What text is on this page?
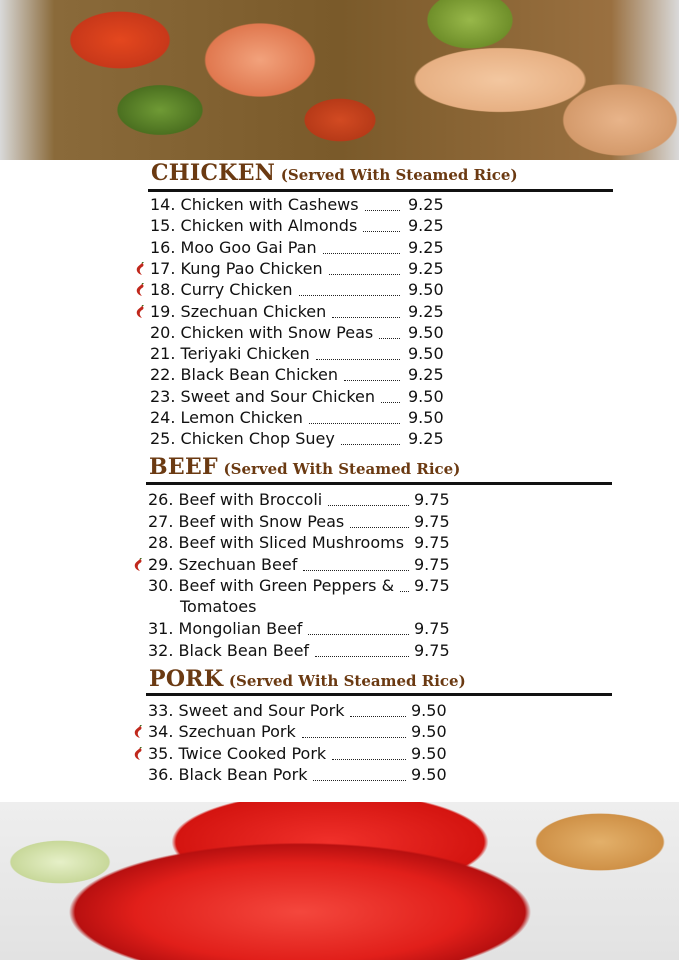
CHICKEN (Served With Steamed Rice)
14. Chicken with Cashews	9.25
15. Chicken with Almonds	9.25
16. Moo Goo Gai Pan	9.25
17. Kung Pao Chicken	9.25
18. Curry Chicken	9.50
19. Szechuan Chicken	9.25
20. Chicken with Snow Peas 9.50
21. Teriyaki Chicken	9.50
22. Black Bean Chicken	9.25
23. Sweet and Sour Chicken 9.50
24. Lemon Chicken	9.50
25. Chicken Chop Suey	9.25
BEEF (Served With Steamed Rice)
26. Beef with Broccoli	9.75
27. Beef with Snow Peas	9.75
28. Beef with Sliced Mushrooms 9.75
29. Szechuan Beef	9.75
30. Beef with Green Peppers & 9.75
Tomatoes
31. Mongolian Beef	9.75
32. Black Bean Beef	9.75
PORK (Served With Steamed Rice)
33. Sweet and Sour Pork	9.50
34. Szechuan Pork	9.50
35. Twice Cooked Pork	9.50
36. Black Bean Pork	9.50
